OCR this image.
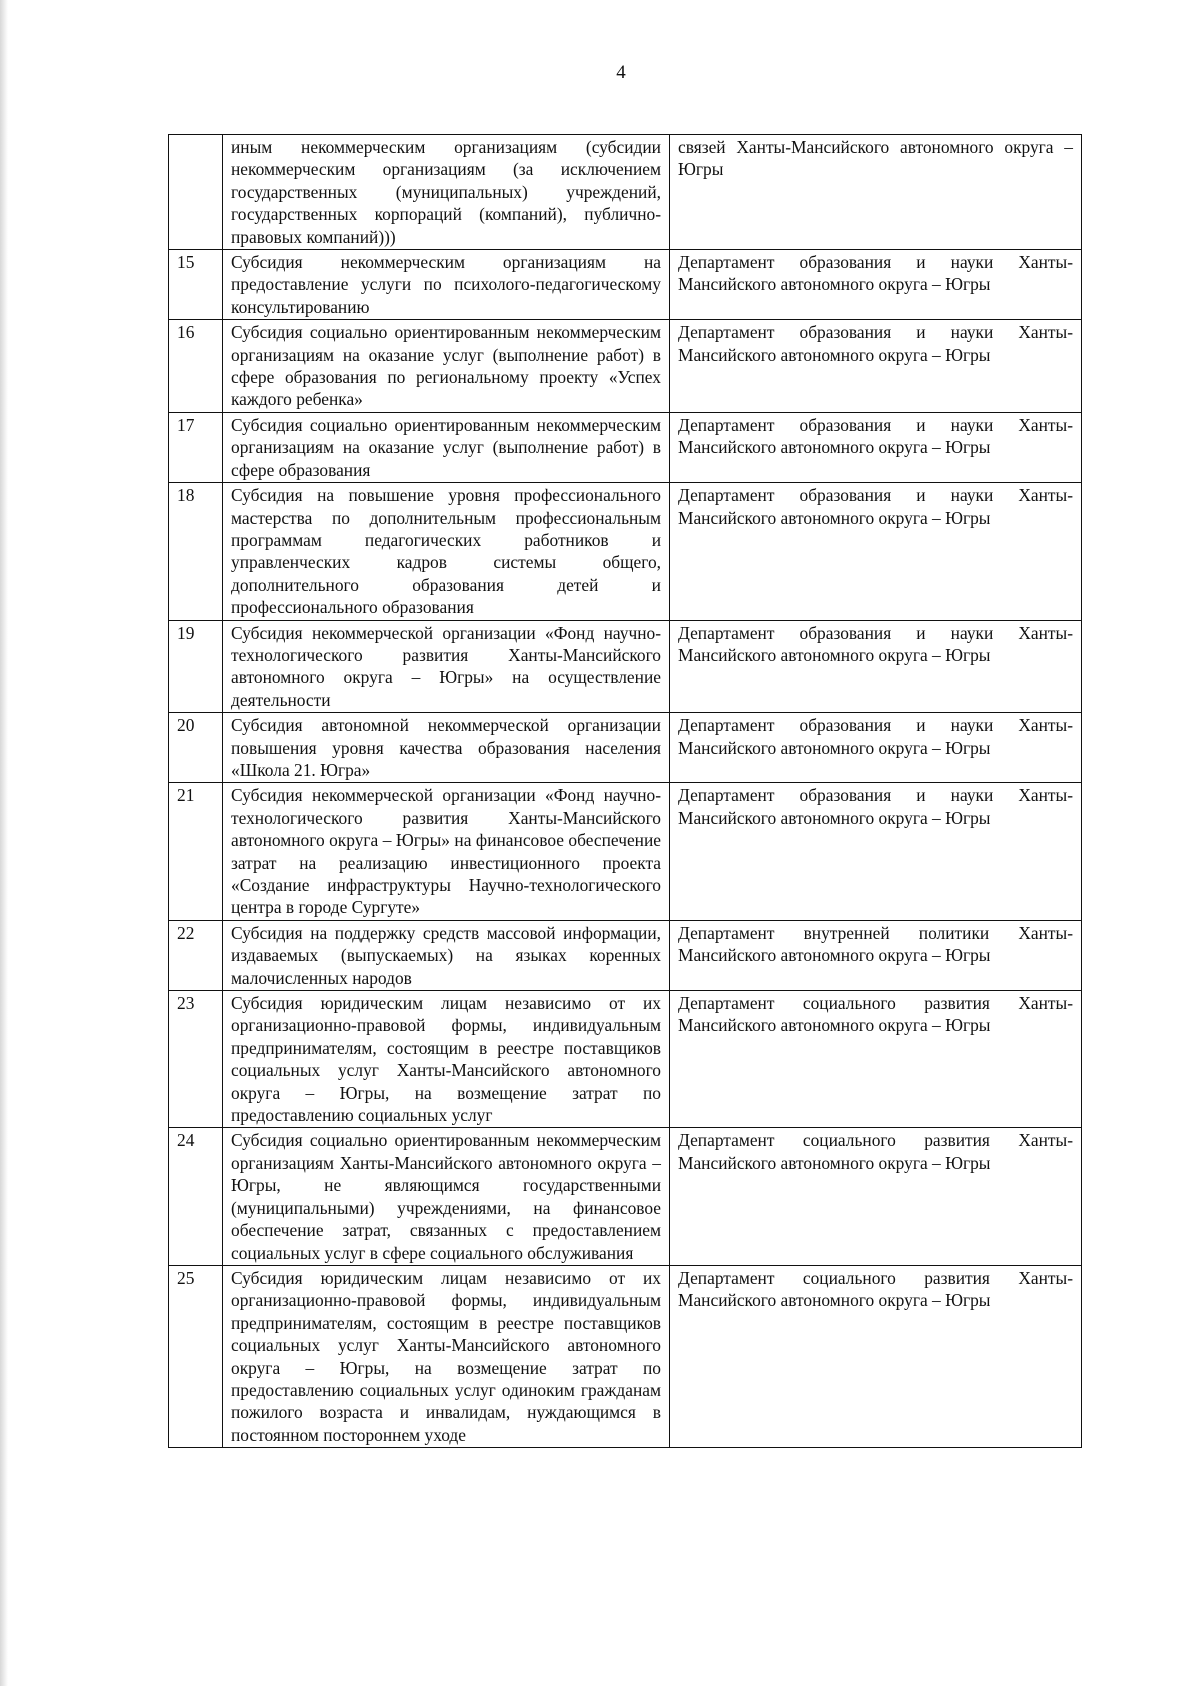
4
	иным некоммерческим организациям (субсидии некоммерческим организациям (за исключением государственных (муниципальных) учреждений, государственных корпораций (компаний), публично-правовых компаний)))	связей Ханты-Мансийского автономного округа – Югры
15	Субсидия некоммерческим организациям на предоставление услуги по психолого-педагогическому консультированию	Департамент образования и науки Ханты-Мансийского автономного округа – Югры
16	Субсидия социально ориентированным некоммерческим организациям на оказание услуг (выполнение работ) в сфере образования по региональному проекту «Успех каждого ребенка»	Департамент образования и науки Ханты-Мансийского автономного округа – Югры
17	Субсидия социально ориентированным некоммерческим организациям на оказание услуг (выполнение работ) в сфере образования	Департамент образования и науки Ханты-Мансийского автономного округа – Югры
18	Субсидия на повышение уровня профессионального мастерства по дополнительным профессиональным программам педагогических работников и управленческих кадров системы общего, дополнительного образования детей и профессионального образования	Департамент образования и науки Ханты-Мансийского автономного округа – Югры
19	Субсидия некоммерческой организации «Фонд научно-технологического развития Ханты-Мансийского автономного округа – Югры» на осуществление деятельности	Департамент образования и науки Ханты-Мансийского автономного округа – Югры
20	Субсидия автономной некоммерческой организации повышения уровня качества образования населения «Школа 21. Югра»	Департамент образования и науки Ханты-Мансийского автономного округа – Югры
21	Субсидия некоммерческой организации «Фонд научно-технологического развития Ханты-Мансийского автономного округа – Югры» на финансовое обеспечение затрат на реализацию инвестиционного проекта «Создание инфраструктуры Научно-технологического центра в городе Сургуте»	Департамент образования и науки Ханты-Мансийского автономного округа – Югры
22	Субсидия на поддержку средств массовой информации, издаваемых (выпускаемых) на языках коренных малочисленных народов	Департамент внутренней политики Ханты-Мансийского автономного округа – Югры
23	Субсидия юридическим лицам независимо от их организационно-правовой формы, индивидуальным предпринимателям, состоящим в реестре поставщиков социальных услуг Ханты-Мансийского автономного округа – Югры, на возмещение затрат по предоставлению социальных услуг	Департамент социального развития Ханты-Мансийского автономного округа – Югры
24	Субсидия социально ориентированным некоммерческим организациям Ханты-Мансийского автономного округа – Югры, не являющимся государственными (муниципальными) учреждениями, на финансовое обеспечение затрат, связанных с предоставлением социальных услуг в сфере социального обслуживания	Департамент социального развития Ханты-Мансийского автономного округа – Югры
25	Субсидия юридическим лицам независимо от их организационно-правовой формы, индивидуальным предпринимателям, состоящим в реестре поставщиков социальных услуг Ханты-Мансийского автономного округа – Югры, на возмещение затрат по предоставлению социальных услуг одиноким гражданам пожилого возраста и инвалидам, нуждающимся в постоянном постороннем уходе	Департамент социального развития Ханты-Мансийского автономного округа – Югры
